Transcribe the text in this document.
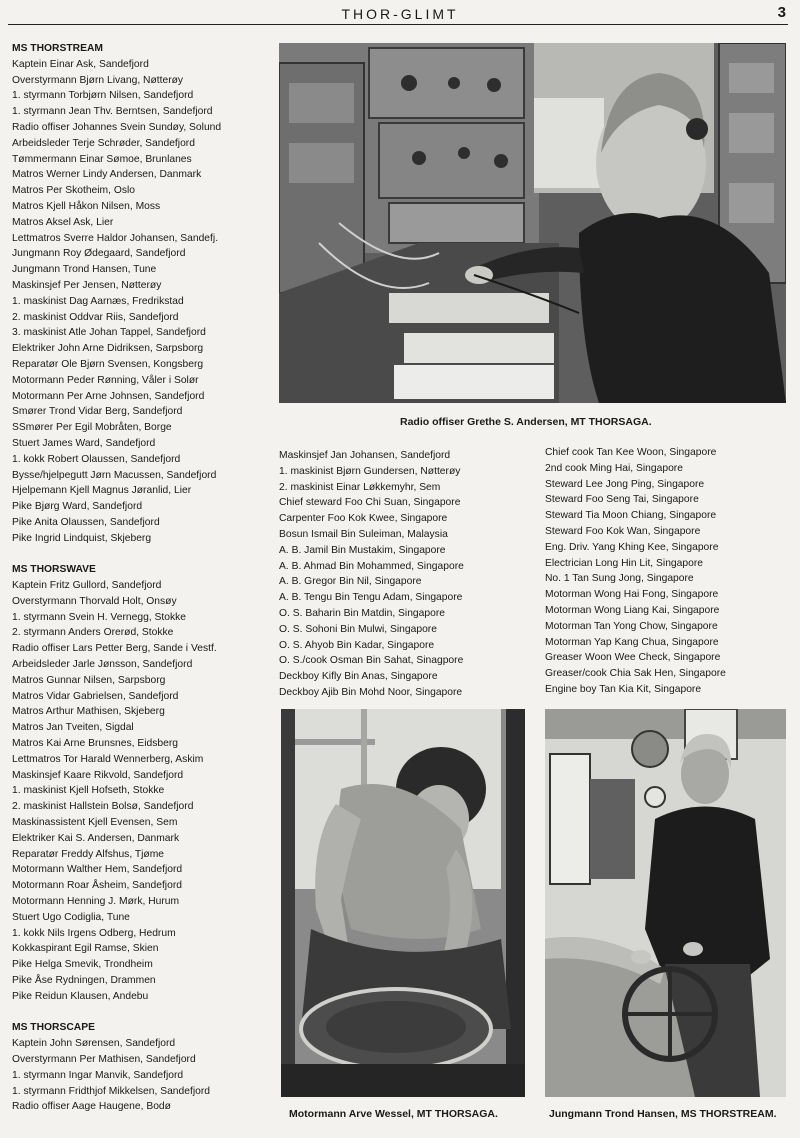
THOR-GLIMT	3
MS THORSTREAM
Kaptein Einar Ask, Sandefjord
Overstyrmann Bjørn Livang, Nøtterøy
1. styrmann Torbjørn Nilsen, Sandefjord
1. styrmann Jean Thv. Berntsen, Sandefjord
Radio offiser Johannes Svein Sundøy, Solund
Arbeidsleder Terje Schrøder, Sandefjord
Tømmermann Einar Sømoe, Brunlanes
Matros Werner Lindy Andersen, Danmark
Matros Per Skotheim, Oslo
Matros Kjell Håkon Nilsen, Moss
Matros Aksel Ask, Lier
Lettmatros Sverre Haldor Johansen, Sandefj.
Jungmann Roy Ødegaard, Sandefjord
Jungmann Trond Hansen, Tune
Maskinsjef Per Jensen, Nøtterøy
1. maskinist Dag Aarnæs, Fredrikstad
2. maskinist Oddvar Riis, Sandefjord
3. maskinist Atle Johan Tappel, Sandefjord
Elektriker John Arne Didriksen, Sarpsborg
Reparatør Ole Bjørn Svensen, Kongsberg
Motormann Peder Rønning, Våler i Solør
Motormann Per Arne Johnsen, Sandefjord
Smører Trond Vidar Berg, Sandefjord
SSmører Per Egil Mobråten, Borge
Stuert James Ward, Sandefjord
1. kokk Robert Olaussen, Sandefjord
Bysse/hjelpegutt Jørn Macussen, Sandefjord
Hjelpemann Kjell Magnus Jøranlid, Lier
Pike Bjørg Ward, Sandefjord
Pike Anita Olaussen, Sandefjord
Pike Ingrid Lindquist, Skjeberg
MS THORSWAVE
Kaptein Fritz Gullord, Sandefjord
Overstyrmann Thorvald Holt, Onsøy
1. styrmann Svein H. Vernegg, Stokke
2. styrmann Anders Orerød, Stokke
Radio offiser Lars Petter Berg, Sande i Vestf.
Arbeidsleder Jarle Jønsson, Sandefjord
Matros Gunnar Nilsen, Sarpsborg
Matros Vidar Gabrielsen, Sandefjord
Matros Arthur Mathisen, Skjeberg
Matros Jan Tveiten, Sigdal
Matros Kai Arne Brunsnes, Eidsberg
Lettmatros Tor Harald Wennerberg, Askim
Maskinsjef Kaare Rikvold, Sandefjord
1. maskinist Kjell Hofseth, Stokke
2. maskinist Hallstein Bolsø, Sandefjord
Maskinassistent Kjell Evensen, Sem
Elektriker Kai S. Andersen, Danmark
Reparatør Freddy Alfshus, Tjøme
Motormann Walther Hem, Sandefjord
Motormann Roar Åsheim, Sandefjord
Motormann Henning J. Mørk, Hurum
Stuert Ugo Codiglia, Tune
1. kokk Nils Irgens Odberg, Hedrum
Kokkaspirant Egil Ramse, Skien
Pike Helga Smevik, Trondheim
Pike Åse Rydningen, Drammen
Pike Reidun Klausen, Andebu
MS THORSCAPE
Kaptein John Sørensen, Sandefjord
Overstyrmann Per Mathisen, Sandefjord
1. styrmann Ingar Manvik, Sandefjord
1. styrmann Fridthjof Mikkelsen, Sandefjord
Radio offiser Aage Haugene, Bodø
Maskinsjef Jan Johansen, Sandefjord
1. maskinist Bjørn Gundersen, Nøtterøy
2. maskinist Einar Løkkemyhr, Sem
Chief steward Foo Chi Suan, Singapore
Carpenter Foo Kok Kwee, Singapore
Bosun Ismail Bin Suleiman, Malaysia
A. B. Jamil Bin Mustakim, Singapore
A. B. Ahmad Bin Mohammed, Singapore
A. B. Gregor Bin Nil, Singapore
A. B. Tengu Bin Tengu Adam, Singapore
O. S. Baharin Bin Matdin, Singapore
O. S. Sohoni Bin Mulwi, Singapore
O. S. Ahyob Bin Kadar, Singapore
O. S./cook Osman Bin Sahat, Sinagpore
Deckboy Kifly Bin Anas, Singapore
Deckboy Ajib Bin Mohd Noor, Singapore
Chief cook Tan Kee Woon, Singapore
2nd cook Ming Hai, Singapore
Steward Lee Jong Ping, Singapore
Steward Foo Seng Tai, Singapore
Steward Tia Moon Chiang, Singapore
Steward Foo Kok Wan, Singapore
Eng. Driv. Yang Khing Kee, Singapore
Electrician Long Hin Lit, Singapore
No. 1 Tan Sung Jong, Singapore
Motorman Wong Hai Fong, Singapore
Motorman Wong Liang Kai, Singapore
Motorman Tan Yong Chow, Singapore
Motorman Yap Kang Chua, Singapore
Greaser Woon Wee Check, Singapore
Greaser/cook Chia Sak Hen, Singapore
Engine boy Tan Kia Kit, Singapore
Radio offiser Grethe S. Andersen, MT THORSAGA.
Motormann Arve Wessel, MT THORSAGA.	Jungmann Trond Hansen, MS THORSTREAM.
